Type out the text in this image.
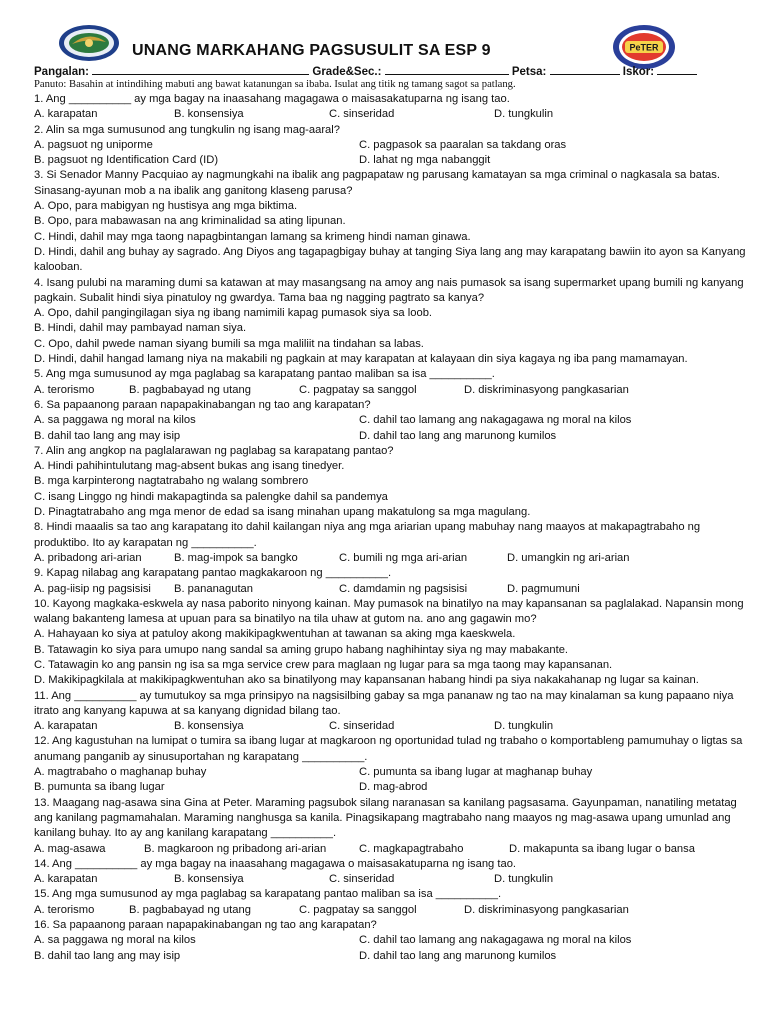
PeTER
UNANG MARKAHANG PAGSUSULIT SA ESP 9
Pangalan:	Grade&Sec.:	Petsa:	Iskor:
Panuto: Basahin at intindihing mabuti ang bawat katanungan sa ibaba. Isulat ang titik ng tamang sagot sa patlang.

1. Ang __________ ay mga bagay na inaasahang magagawa o maisasakatuparna ng isang tao.

A. karapatan	B. konsensiya	C. sinseridad	D. tungkulin

2. Alin sa mga sumusunod ang tungkulin ng isang mag-aaral?

A. pagsuot ng uniporme	C. pagpasok sa paaralan sa takdang oras
B. pagsuot ng Identification Card (ID)	D. lahat ng mga nabanggit

3. Si Senador Manny Pacquiao ay nagmungkahi na ibalik ang pagpapataw ng parusang kamatayan sa mga criminal o nagkasala sa batas. Sinasang-ayunan mob a na ibalik ang ganitong klaseng parusa?

A. Opo, para mabigyan ng hustisya ang mga biktima.

B. Opo, para mabawasan na ang kriminalidad sa ating lipunan.

C. Hindi, dahil may mga taong napagbintangan lamang sa krimeng hindi naman ginawa.

D. Hindi, dahil ang buhay ay sagrado. Ang Diyos ang tagapagbigay buhay at tanging Siya lang ang may karapatang bawiin ito ayon sa Kanyang kalooban.

4. Isang pulubi na maraming dumi sa katawan at may masangsang na amoy ang nais pumasok sa isang supermarket upang bumili ng kanyang pagkain. Subalit hindi siya pinatuloy ng gwardya. Tama baa ng nagging pagtrato sa kanya?

A. Opo, dahil pangingilagan siya ng ibang namimili kapag pumasok siya sa loob.

B. Hindi, dahil may pambayad naman siya.

C. Opo, dahil pwede naman siyang bumili sa mga maliliit na tindahan sa labas.

D. Hindi, dahil hangad lamang niya na makabili ng pagkain at may karapatan at kalayaan din siya kagaya ng iba pang mamamayan.

5. Ang mga sumusunod ay mga paglabag sa karapatang pantao maliban sa isa __________.

A. terorismo	B. pagbabayad ng utang	C. pagpatay sa sanggol	D. diskriminasyong pangkasarian

6. Sa papaanong paraan napapakinabangan ng tao ang karapatan?

A. sa paggawa ng moral na kilos	C. dahil tao lamang ang nakagagawa ng moral na kilos
B. dahil tao lang ang may isip	D. dahil tao lang ang marunong kumilos

7. Alin ang angkop na paglalarawan ng paglabag sa karapatang pantao?

A. Hindi pahihintulutang mag-absent bukas ang isang tinedyer.

B. mga karpinterong nagtatrabaho ng walang sombrero

C. isang Linggo ng hindi makapagtinda sa palengke dahil sa pandemya

D. Pinagtatrabaho ang mga menor de edad sa isang minahan upang makatulong sa mga magulang.

8. Hindi maaalis sa tao ang karapatang ito dahil kailangan niya ang mga ariarian upang mabuhay nang maayos at makapagtrabaho ng produktibo. Ito ay karapatan ng __________.

A. pribadong ari-arian	B. mag-impok sa bangko	C. bumili ng mga ari-arian	D. umangkin ng ari-arian

9. Kapag nilabag ang karapatang pantao magkakaroon ng __________.

A. pag-iisip ng pagsisisi	B. pananagutan	C. damdamin ng pagsisisi	D. pagmumuni

10. Kayong magkaka-eskwela ay nasa paborito ninyong kainan. May pumasok na binatilyo na may kapansanan sa paglalakad. Napansin mong walang bakanteng lamesa at upuan para sa binatilyo na tila uhaw at gutom na. ano ang gagawin mo?

A. Hahayaan ko siya at patuloy akong makikipagkwentuhan at tawanan sa aking mga kaeskwela.

B. Tatawagin ko siya para umupo nang sandal sa aming grupo habang naghihintay siya ng may mabakante.

C. Tatawagin ko ang pansin ng isa sa mga service crew para maglaan ng lugar para sa mga taong may kapansanan.

D. Makikipagkilala at makikipagkwentuhan ako sa binatilyong may kapansanan habang hindi pa siya nakakahanap ng lugar sa kainan.

11. Ang __________ ay tumutukoy sa mga prinsipyo na nagsisilbing gabay sa mga pananaw ng tao na may kinalaman sa kung papaano niya itrato ang kanyang kapuwa at sa kanyang dignidad bilang tao.

A. karapatan	B. konsensiya	C. sinseridad	D. tungkulin

12. Ang kagustuhan na lumipat o tumira sa ibang lugar at magkaroon ng oportunidad tulad ng trabaho o komportableng pamumuhay o ligtas sa anumang panganib ay sinusuportahan ng karapatang __________.

A. magtrabaho o maghanap buhay	C. pumunta sa ibang lugar at maghanap buhay
B. pumunta sa ibang lugar	D. mag-abrod

13. Maagang nag-asawa sina Gina at Peter. Maraming pagsubok silang naranasan sa kanilang pagsasama. Gayunpaman, nanatiling metatag ang kanilang pagmamahalan. Maraming nanghusga sa kanila. Pinagsikapang magtrabaho nang maayos ng mag-asawa upang umunlad ang kanilang buhay. Ito ay ang kanilang karapatang __________.

A. mag-asawa	B. magkaroon ng pribadong ari-arian	C. magkapagtrabaho	D. makapunta sa ibang lugar o bansa

14. Ang __________ ay mga bagay na inaasahang magagawa o maisasakatuparna ng isang tao.

A. karapatan	B. konsensiya	C. sinseridad	D. tungkulin

15. Ang mga sumusunod ay mga paglabag sa karapatang pantao maliban sa isa __________.

A. terorismo	B. pagbabayad ng utang	C. pagpatay sa sanggol	D. diskriminasyong pangkasarian

16. Sa papaanong paraan napapakinabangan ng tao ang karapatan?

A. sa paggawa ng moral na kilos	C. dahil tao lamang ang nakagagawa ng moral na kilos
B. dahil tao lang ang may isip	D. dahil tao lang ang marunong kumilos
